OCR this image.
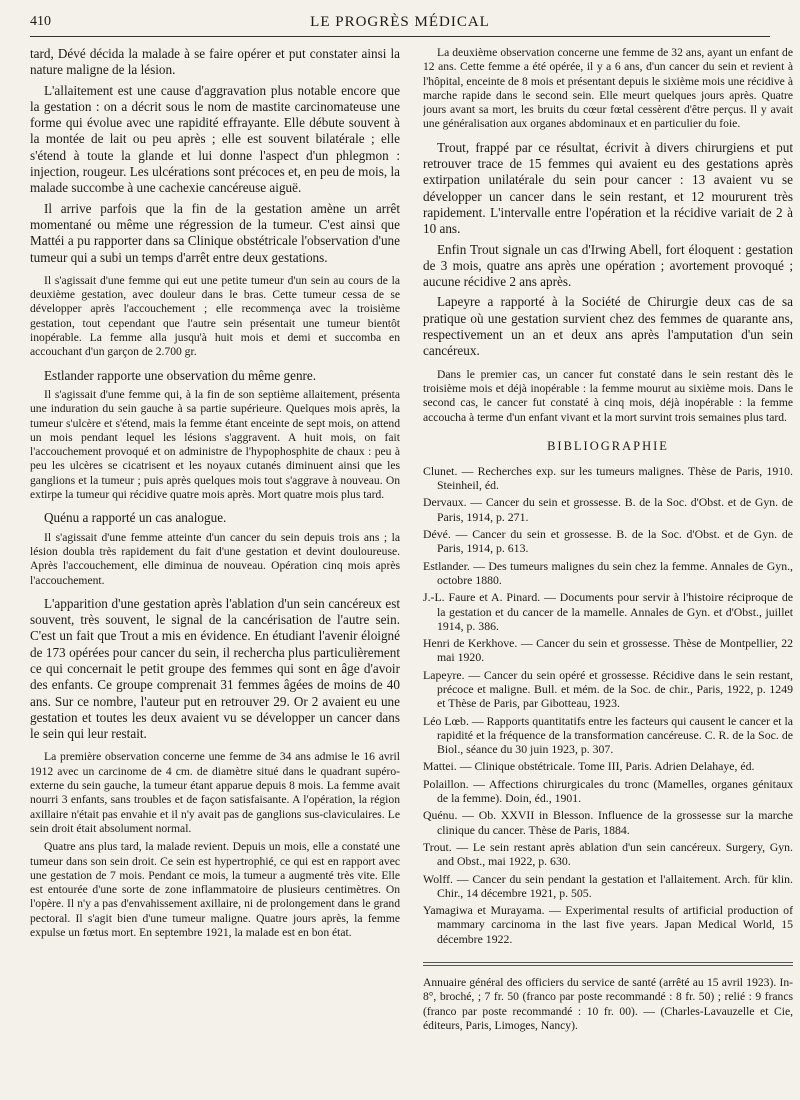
410	LE PROGRÈS MÉDICAL

tard, Dévé décida la malade à se faire opérer et put constater ainsi la nature maligne de la lésion.

L'allaitement est une cause d'aggravation plus notable encore que la gestation : on a décrit sous le nom de mastite carcinomateuse une forme qui évolue avec une rapidité effrayante. Elle débute souvent à la montée de lait ou peu après ; elle est souvent bilatérale ; elle s'étend à toute la glande et lui donne l'aspect d'un phlegmon : injection, rougeur. Les ulcérations sont précoces et, en peu de mois, la malade succombe à une cachexie cancéreuse aiguë.

Il arrive parfois que la fin de la gestation amène un arrêt momentané ou même une régression de la tumeur. C'est ainsi que Mattéi a pu rapporter dans sa Clinique obstétricale l'observation d'une tumeur qui a subi un temps d'arrêt entre deux gestations.

Il s'agissait d'une femme qui eut une petite tumeur d'un sein au cours de la deuxième gestation, avec douleur dans le bras. Cette tumeur cessa de se développer après l'accouchement ; elle recommença avec la troisième gestation, tout cependant que l'autre sein présentait une tumeur bientôt inopérable. La femme alla jusqu'à huit mois et demi et succomba en accouchant d'un garçon de 2.700 gr.

Estlander rapporte une observation du même genre.

Il s'agissait d'une femme qui, à la fin de son septième allaitement, présenta une induration du sein gauche à sa partie supérieure. Quelques mois après, la tumeur s'ulcère et s'étend, mais la femme étant enceinte de sept mois, on attend un mois pendant lequel les lésions s'aggravent. A huit mois, on fait l'accouchement provoqué et on administre de l'hypophosphite de chaux : peu à peu les ulcères se cicatrisent et les noyaux cutanés diminuent ainsi que les ganglions et la tumeur ; puis après quelques mois tout s'aggrave à nouveau. On extirpe la tumeur qui récidive quatre mois après. Mort quatre mois plus tard.

Quénu a rapporté un cas analogue.

Il s'agissait d'une femme atteinte d'un cancer du sein depuis trois ans ; la lésion doubla très rapidement du fait d'une gestation et devint douloureuse. Après l'accouchement, elle diminua de nouveau. Opération cinq mois après l'accouchement.

L'apparition d'une gestation après l'ablation d'un sein cancéreux est souvent, très souvent, le signal de la cancérisation de l'autre sein. C'est un fait que Trout a mis en évidence. En étudiant l'avenir éloigné de 173 opérées pour cancer du sein, il rechercha plus particulièrement ce qui concernait le petit groupe des femmes qui sont en âge d'avoir des enfants. Ce groupe comprenait 31 femmes âgées de moins de 40 ans. Sur ce nombre, l'auteur put en retrouver 29. Or 2 avaient eu une gestation et toutes les deux avaient vu se développer un cancer dans le sein qui leur restait.

La première observation concerne une femme de 34 ans admise le 16 avril 1912 avec un carcinome de 4 cm. de diamètre situé dans le quadrant supéro-externe du sein gauche, la tumeur étant apparue depuis 8 mois. La femme avait nourri 3 enfants, sans troubles et de façon satisfaisante. A l'opération, la région axillaire n'était pas envahie et il n'y avait pas de ganglions sus-claviculaires. Le sein droit était absolument normal.

Quatre ans plus tard, la malade revient. Depuis un mois, elle a constaté une tumeur dans son sein droit. Ce sein est hypertrophié, ce qui est en rapport avec une gestation de 7 mois. Pendant ce mois, la tumeur a augmenté très vite. Elle est entourée d'une sorte de zone inflammatoire de plusieurs centimètres. On l'opère. Il n'y a pas d'envahissement axillaire, ni de prolongement dans le grand pectoral. Il s'agit bien d'une tumeur maligne. Quatre jours après, la femme expulse un fœtus mort. En septembre 1921, la malade est en bon état.

La deuxième observation concerne une femme de 32 ans, ayant un enfant de 12 ans. Cette femme a été opérée, il y a 6 ans, d'un cancer du sein et revient à l'hôpital, enceinte de 8 mois et présentant depuis le sixième mois une récidive à marche rapide dans le second sein. Elle meurt quelques jours après. Quatre jours avant sa mort, les bruits du cœur fœtal cessèrent d'être perçus. Il y avait une généralisation aux organes abdominaux et en particulier du foie.

Trout, frappé par ce résultat, écrivit à divers chirurgiens et put retrouver trace de 15 femmes qui avaient eu des gestations après extirpation unilatérale du sein pour cancer : 13 avaient vu se développer un cancer dans le sein restant, et 12 moururent très rapidement. L'intervalle entre l'opération et la récidive variait de 2 à 10 ans.

Enfin Trout signale un cas d'Irwing Abell, fort éloquent : gestation de 3 mois, quatre ans après une opération ; avortement provoqué ; aucune récidive 2 ans après.

Lapeyre a rapporté à la Société de Chirurgie deux cas de sa pratique où une gestation survient chez des femmes de quarante ans, respectivement un an et deux ans après l'amputation d'un sein cancéreux.

Dans le premier cas, un cancer fut constaté dans le sein restant dès le troisième mois et déjà inopérable : la femme mourut au sixième mois. Dans le second cas, le cancer fut constaté à cinq mois, déjà inopérable : la femme accoucha à terme d'un enfant vivant et la mort survint trois semaines plus tard.

BIBLIOGRAPHIE

Clunet. — Recherches exp. sur les tumeurs malignes. Thèse de Paris, 1910. Steinheil, éd.

Dervaux. — Cancer du sein et grossesse. B. de la Soc. d'Obst. et de Gyn. de Paris, 1914, p. 271.

Dévé. — Cancer du sein et grossesse. B. de la Soc. d'Obst. et de Gyn. de Paris, 1914, p. 613.

Estlander. — Des tumeurs malignes du sein chez la femme. Annales de Gyn., octobre 1880.

J.-L. Faure et A. Pinard. — Documents pour servir à l'histoire réciproque de la gestation et du cancer de la mamelle. Annales de Gyn. et d'Obst., juillet 1914, p. 386.

Henri de Kerkhove. — Cancer du sein et grossesse. Thèse de Montpellier, 22 mai 1920.

Lapeyre. — Cancer du sein opéré et grossesse. Récidive dans le sein restant, précoce et maligne. Bull. et mém. de la Soc. de chir., Paris, 1922, p. 1249 et Thèse de Paris, par Gibotteau, 1923.

Léo Lœb. — Rapports quantitatifs entre les facteurs qui causent le cancer et la rapidité et la fréquence de la transformation cancéreuse. C. R. de la Soc. de Biol., séance du 30 juin 1923, p. 307.

Mattei. — Clinique obstétricale. Tome III, Paris. Adrien Delahaye, éd.

Polaillon. — Affections chirurgicales du tronc (Mamelles, organes génitaux de la femme). Doin, éd., 1901.

Quénu. — Ob. XXVII in Blesson. Influence de la grossesse sur la marche clinique du cancer. Thèse de Paris, 1884.

Trout. — Le sein restant après ablation d'un sein cancéreux. Surgery, Gyn. and Obst., mai 1922, p. 630.

Wolff. — Cancer du sein pendant la gestation et l'allaitement. Arch. für klin. Chir., 14 décembre 1921, p. 505.

Yamagiwa et Murayama. — Experimental results of artificial production of mammary carcinoma in the last five years. Japan Medical World, 15 décembre 1922.

Annuaire général des officiers du service de santé (arrêté au 15 avril 1923). In-8°, broché, ; 7 fr. 50 (franco par poste recommandé : 8 fr. 50) ; relié : 9 francs (franco par poste recommandé : 10 fr. 00). — (Charles-Lavauzelle et Cie, éditeurs, Paris, Limoges, Nancy).
